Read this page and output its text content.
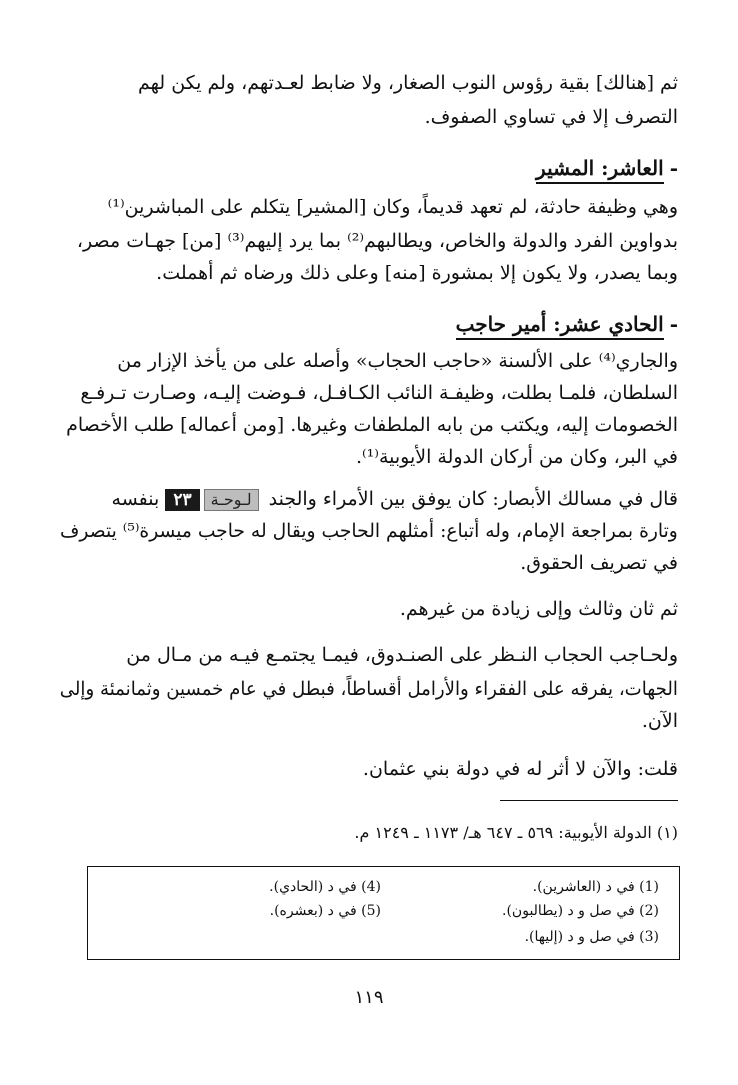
ثم [هنالك] بقية رؤوس النوب الصغار، ولا ضابط لعـدتهم، ولم يكن لهم
التصرف إلا في تساوي الصفوف.
-العاشر: المشير
وهي وظيفة حادثة، لم تعهد قديماً، وكان [المشير] يتكلم على المباشرين⁽¹⁾
بدواوين الفرد والدولة والخاص، ويطالبهم⁽²⁾ بما يرد إليهم⁽³⁾ [من] جهـات مصر،
وبما يصدر، ولا يكون إلا بمشورة [منه] وعلى ذلك ورضاه ثم أهملت.
-الحادي عشر: أمير حاجب
والجاري⁽⁴⁾ على الألسنة «حاجب الحجاب» وأصله على من يأخذ الإزار من
السلطان، فلمـا بطلت، وظيفـة النائب الكـافـل، فـوضت إليـه، وصـارت تـرفـع
الخصومات إليه، ويكتب من بابه الملطفات وغيرها. [ومن أعماله] طلب الأخصام
في البر، وكان من أركان الدولة الأيوبية⁽¹⁾.
قال في مسالك الأبصار: كان يوفق بين الأمراء والجند لـوحـة٢٣بنفسه
وتارة بمراجعة الإمام، وله أتباع: أمثلهم الحاجب ويقال له حاجب ميسرة⁽⁵⁾ يتصرف
في تصريف الحقوق.
ثم ثان وثالث وإلى زيادة من غيرهم.
ولحـاجب الحجاب النـظر على الصنـدوق، فيمـا يجتمـع فيـه من مـال من
الجهات، يفرقه على الفقراء والأرامل أقساطاً، فبطل في عام خمسين وثمانمئة وإلى
الآن.
قلت: والآن لا أثر له في دولة بني عثمان.
(١) الدولة الأيوبية: ٥٦٩ ـ ٦٤٧ هـ/ ١١٧٣ ـ ١٢٤٩ م.
(1) في د (العاشرين).
(2) في صل و د (يطالبون).
(3) في صل و د (إليها).
(4) في د (الحادي).
(5) في د (بعشره).
١١٩
